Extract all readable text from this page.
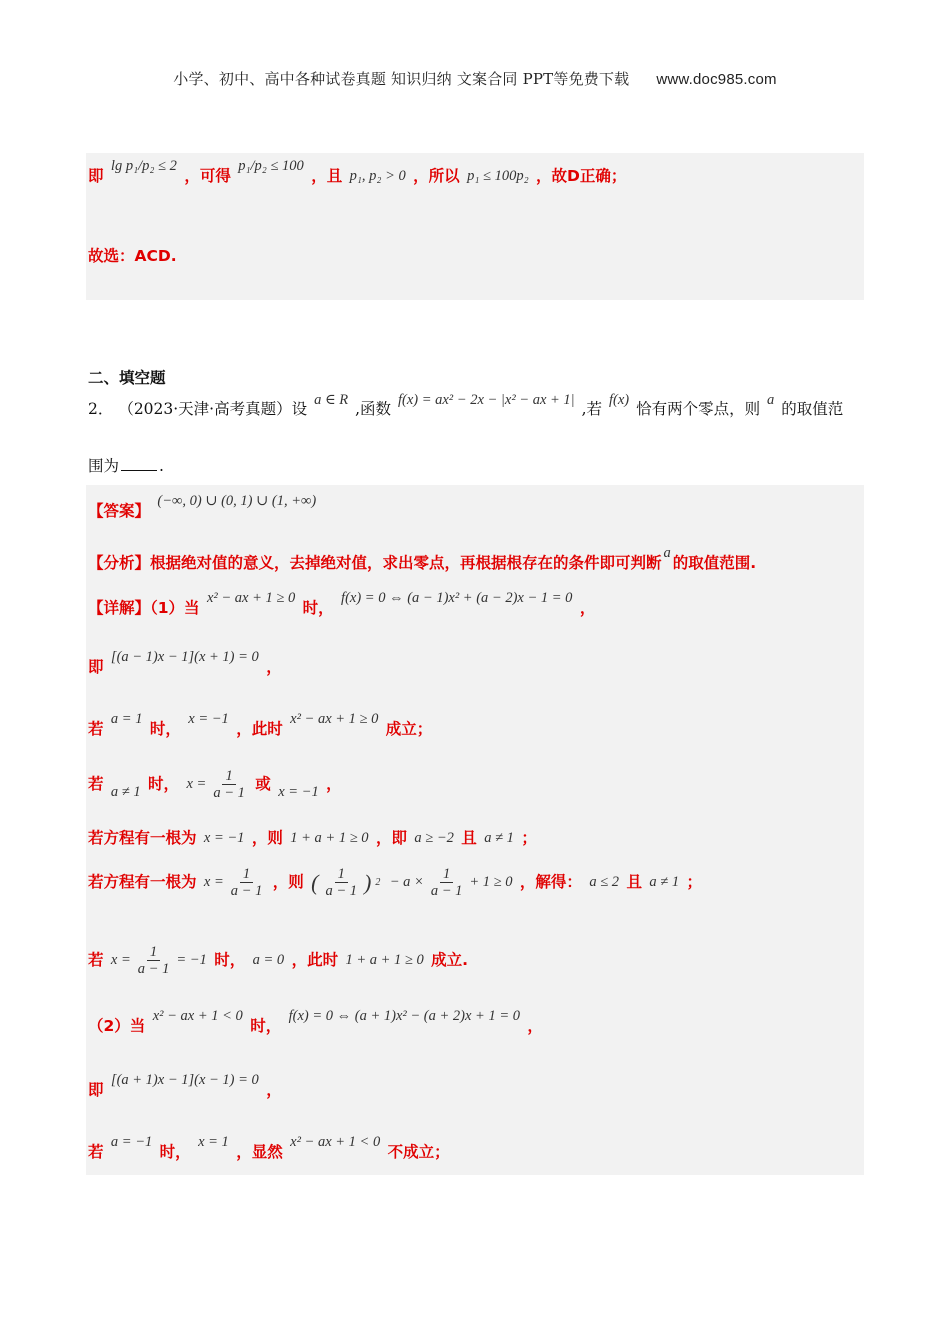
小学、初中、高中各种试卷真题 知识归纳 文案合同 PPT等免费下载 www.doc985.com
即 lg p₁/p₂ ≤ 2 ，可得 p₁/p₂ ≤ 100 ，且 p₁, p₂ > 0 ，所以 p₁ ≤ 100p₂ ，故D正确；
故选：ACD.
二、填空题
2． （2023·天津·高考真题）设 a ∈ R ,函数 f(x) = ax² − 2x − |x² − ax + 1| ,若 f(x) 恰有两个零点，则 a 的取值范
围为	.
【答案】 (−∞, 0) ∪ (0, 1) ∪ (1, +∞)
【分析】根据绝对值的意义，去掉绝对值，求出零点，再根据根存在的条件即可判断a的取值范围.
【详解】（1）当 x² − ax + 1 ≥ 0 时， f(x) = 0 ⇔ (a − 1)x² + (a − 2)x − 1 = 0 ，
即 [(a − 1)x − 1](x + 1) = 0 ，
若 a = 1 时， x = −1 ，此时 x² − ax + 1 ≥ 0 成立；
若 a ≠ 1 时， $x = \frac{1}{a - 1}$ 或 x = −1 ，
若方程有一根为 x = −1 ，则 1 + a + 1 ≥ 0 ，即 a ≥ −2 且 a ≠ 1 ；
若方程有一根为 $x = \frac{1}{a - 1}$ ，则 ( $\frac{1}{a - 1}$ ) $2 - a \times \frac{1}{a - 1} + 1 \ge 0$ ，解得： a ≤ 2 且 a ≠ 1 ；
若 $x = \frac{1}{a - 1} = -1$ 时， a = 0 ，此时 1 + a + 1 ≥ 0 成立.
（2）当 x² − ax + 1 < 0 时， f(x) = 0 ⇔ (a + 1)x² − (a + 2)x + 1 = 0 ，
即 [(a + 1)x − 1](x − 1) = 0 ，
若 a = −1 时， x = 1 ，显然 x² − ax + 1 < 0 不成立；
